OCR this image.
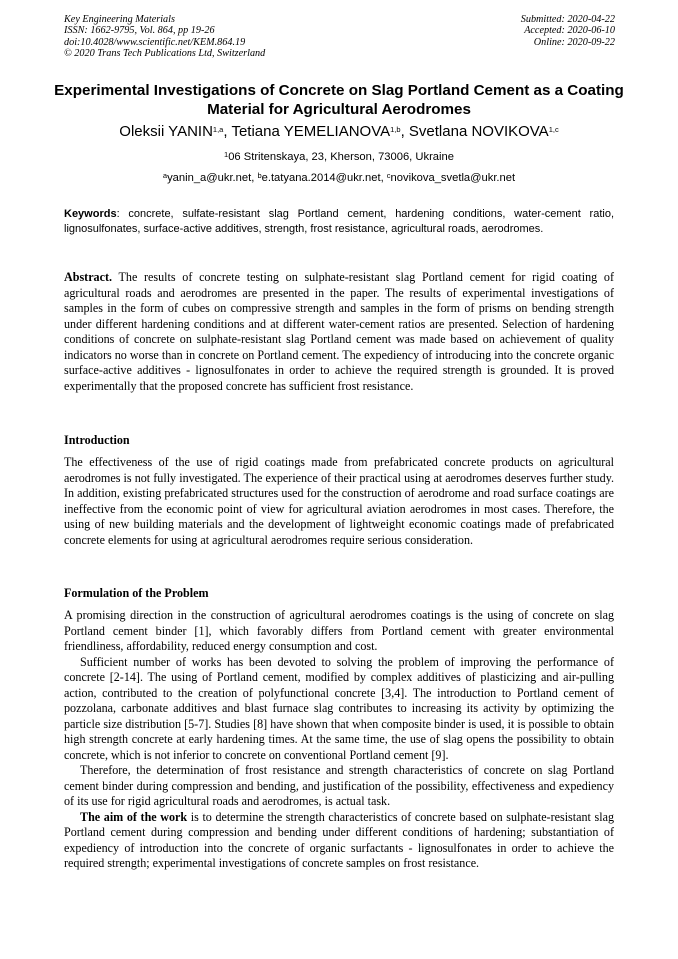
Key Engineering Materials
ISSN: 1662-9795, Vol. 864, pp 19-26
doi:10.4028/www.scientific.net/KEM.864.19
© 2020 Trans Tech Publications Ltd, Switzerland
Submitted: 2020-04-22
Accepted: 2020-06-10
Online: 2020-09-22
Experimental Investigations of Concrete on Slag Portland Cement as a Coating Material for Agricultural Aerodromes
Oleksii YANIN$^{1,a}$, Tetiana YEMELIANOVA$^{1,b}$, Svetlana NOVIKOVA$^{1,c}$
$^1$06 Stritenskaya, 23, Kherson, 73006, Ukraine
$^a$yanin_a@ukr.net, $^b$e.tatyana.2014@ukr.net, $^c$novikova_svetla@ukr.net
Keywords: concrete, sulfate-resistant slag Portland cement, hardening conditions, water-cement ratio, lignosulfonates, surface-active additives, strength, frost resistance, agricultural roads, aerodromes.

Abstract. The results of concrete testing on sulphate-resistant slag Portland cement for rigid coating of agricultural roads and aerodromes are presented in the paper. The results of experimental investigations of samples in the form of cubes on compressive strength and samples in the form of prisms on bending strength under different hardening conditions and at different water-cement ratios are presented. Selection of hardening conditions of concrete on sulphate-resistant slag Portland cement was made based on achievement of quality indicators no worse than in concrete on Portland cement. The expediency of introducing into the concrete organic surface-active additives - lignosulfonates in order to achieve the required strength is grounded. It is proved experimentally that the proposed concrete has sufficient frost resistance.

Introduction

The effectiveness of the use of rigid coatings made from prefabricated concrete products on agricultural aerodromes is not fully investigated. The experience of their practical using at aerodromes deserves further study. In addition, existing prefabricated structures used for the construction of aerodrome and road surface coatings are ineffective from the economic point of view for agricultural aviation aerodromes in most cases. Therefore, the using of new building materials and the development of lightweight economic coatings made of prefabricated concrete elements for using at agricultural aerodromes require serious consideration.

Formulation of the Problem

A promising direction in the construction of agricultural aerodromes coatings is the using of concrete on slag Portland cement binder [1], which favorably differs from Portland cement with greater environmental friendliness, affordability, reduced energy consumption and cost.

Sufficient number of works has been devoted to solving the problem of improving the performance of concrete [2-14]. The using of Portland cement, modified by complex additives of plasticizing and air-pulling action, contributed to the creation of polyfunctional concrete [3,4]. The introduction to Portland cement of pozzolana, carbonate additives and blast furnace slag contributes to increasing its activity by optimizing the particle size distribution [5-7]. Studies [8] have shown that when composite binder is used, it is possible to obtain high strength concrete at early hardening times. At the same time, the use of slag opens the possibility to obtain concrete, which is not inferior to concrete on conventional Portland cement [9].

Therefore, the determination of frost resistance and strength characteristics of concrete on slag Portland cement binder during compression and bending, and justification of the possibility, effectiveness and expediency of its use for rigid agricultural roads and aerodromes, is actual task.

The aim of the work is to determine the strength characteristics of concrete based on sulphate-resistant slag Portland cement during compression and bending under different conditions of hardening; substantiation of expediency of introduction into the concrete of organic surfactants - lignosulfonates in order to achieve the required strength; experimental investigations of concrete samples on frost resistance.
